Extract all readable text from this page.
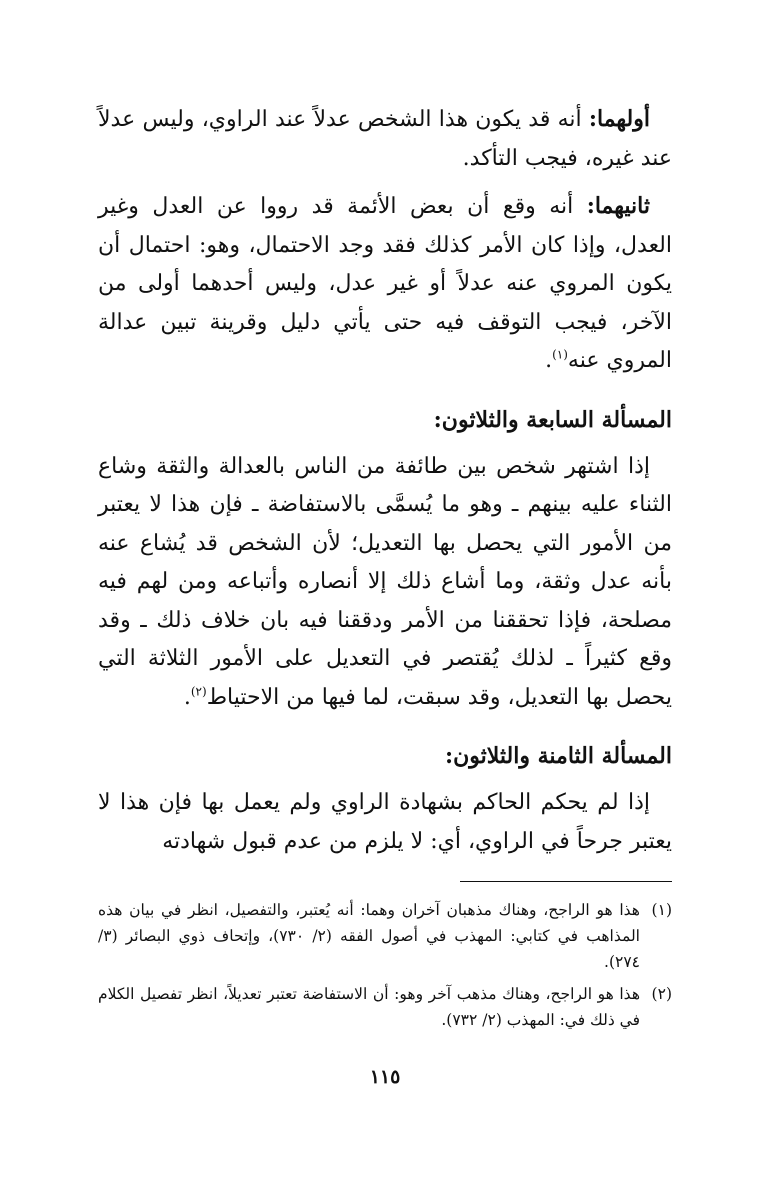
أولهما: أنه قد يكون هذا الشخص عدلاً عند الراوي، وليس عدلاً عند غيره، فيجب التأكد.

ثانيهما: أنه وقع أن بعض الأئمة قد رووا عن العدل وغير العدل، وإذا كان الأمر كذلك فقد وجد الاحتمال، وهو: احتمال أن يكون المروي عنه عدلاً أو غير عدل، وليس أحدهما أولى من الآخر، فيجب التوقف فيه حتى يأتي دليل وقرينة تبين عدالة المروي عنه$^{(١)}$.

المسألة السابعة والثلاثون:

إذا اشتهر شخص بين طائفة من الناس بالعدالة والثقة وشاع الثناء عليه بينهم ـ وهو ما يُسمَّى بالاستفاضة ـ فإن هذا لا يعتبر من الأمور التي يحصل بها التعديل؛ لأن الشخص قد يُشاع عنه بأنه عدل وثقة، وما أشاع ذلك إلا أنصاره وأتباعه ومن لهم فيه مصلحة، فإذا تحققنا من الأمر ودققنا فيه بان خلاف ذلك ـ وقد وقع كثيراً ـ لذلك يُقتصر في التعديل على الأمور الثلاثة التي يحصل بها التعديل، وقد سبقت، لما فيها من الاحتياط$^{(٢)}$.

المسألة الثامنة والثلاثون:

إذا لم يحكم الحاكم بشهادة الراوي ولم يعمل بها فإن هذا لا يعتبر جرحاً في الراوي، أي: لا يلزم من عدم قبول شهادته

(١)
هذا هو الراجح، وهناك مذهبان آخران وهما: أنه يُعتبر، والتفصيل، انظر في بيان هذه المذاهب في كتابي: المهذب في أصول الفقه (٢/ ٧٣٠)، وإتحاف ذوي البصائر (٣/ ٢٧٤).

(٢)
هذا هو الراجح، وهناك مذهب آخر وهو: أن الاستفاضة تعتبر تعديلاً، انظر تفصيل الكلام في ذلك في: المهذب (٢/ ٧٣٢).

١١٥
